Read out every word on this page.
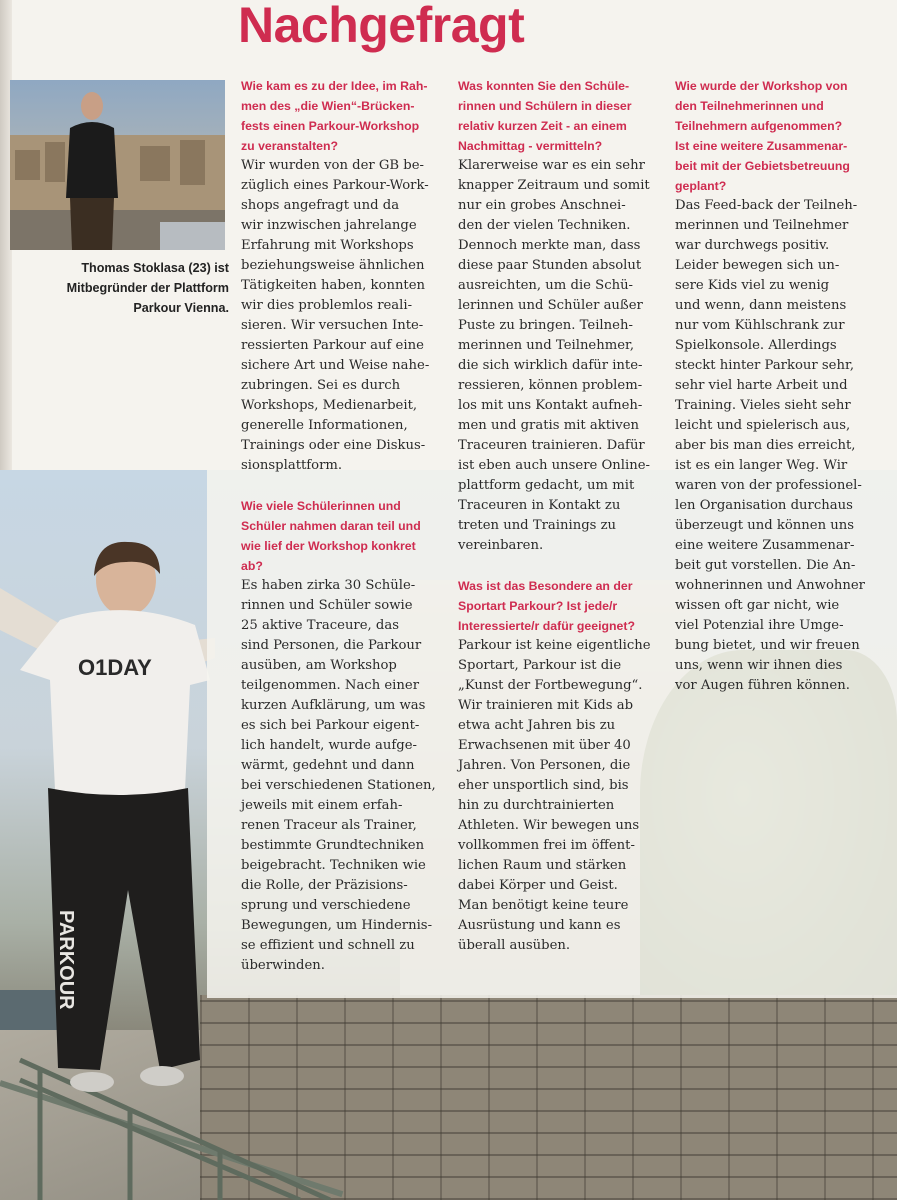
O1DAY
PARKOUR
Nachgefragt

Thomas Stoklasa (23) ist
Mitbegründer der Plattform
Parkour Vienna.

Wie kam es zu der Idee, im Rah-
men des „die Wien“-Brücken-
fests einen Parkour-Workshop
zu veranstalten?

Wir wurden von der GB be-
züglich eines Parkour-Work-
shops angefragt und da
wir inzwischen jahrelange
Erfahrung mit Workshops
beziehungsweise ähnlichen
Tätigkeiten haben, konnten
wir dies problemlos reali-
sieren. Wir versuchen Inte-
ressierten Parkour auf eine
sichere Art und Weise nahe-
zubringen. Sei es durch
Workshops, Medienarbeit,
generelle Informationen,
Trainings oder eine Diskus-
sionsplattform.

Wie viele Schülerinnen und
Schüler nahmen daran teil und
wie lief der Workshop konkret
ab?

Es haben zirka 30 Schüle-
rinnen und Schüler sowie
25 aktive Traceure, das
sind Personen, die Parkour
ausüben, am Workshop
teilgenommen. Nach einer
kurzen Aufklärung, um was
es sich bei Parkour eigent-
lich handelt, wurde aufge-
wärmt, gedehnt und dann
bei verschiedenen Stationen,
jeweils mit einem erfah-
renen Traceur als Trainer,
bestimmte Grundtechniken
beigebracht. Techniken wie
die Rolle, der Präzisions-
sprung und verschiedene
Bewegungen, um Hindernis-
se effizient und schnell zu
überwinden.

Was konnten Sie den Schüle-
rinnen und Schülern in dieser
relativ kurzen Zeit - an einem
Nachmittag - vermitteln?

Klarerweise war es ein sehr
knapper Zeitraum und somit
nur ein grobes Anschnei-
den der vielen Techniken.
Dennoch merkte man, dass
diese paar Stunden absolut
ausreichten, um die Schü-
lerinnen und Schüler außer
Puste zu bringen. Teilneh-
merinnen und Teilnehmer,
die sich wirklich dafür inte-
ressieren, können problem-
los mit uns Kontakt aufneh-
men und gratis mit aktiven
Traceuren trainieren. Dafür
ist eben auch unsere Online-
plattform gedacht, um mit
Traceuren in Kontakt zu
treten und Trainings zu
vereinbaren.

Was ist das Besondere an der
Sportart Parkour? Ist jede/r
Interessierte/r dafür geeignet?

Parkour ist keine eigentliche
Sportart, Parkour ist die
„Kunst der Fortbewegung“.
Wir trainieren mit Kids ab
etwa acht Jahren bis zu
Erwachsenen mit über 40
Jahren. Von Personen, die
eher unsportlich sind, bis
hin zu durchtrainierten
Athleten. Wir bewegen uns
vollkommen frei im öffent-
lichen Raum und stärken
dabei Körper und Geist.
Man benötigt keine teure
Ausrüstung und kann es
überall ausüben.

Wie wurde der Workshop von
den Teilnehmerinnen und
Teilnehmern aufgenommen?
Ist eine weitere Zusammenar-
beit mit der Gebietsbetreuung
geplant?

Das Feed-back der Teilneh-
merinnen und Teilnehmer
war durchwegs positiv.
Leider bewegen sich un-
sere Kids viel zu wenig
und wenn, dann meistens
nur vom Kühlschrank zur
Spielkonsole. Allerdings
steckt hinter Parkour sehr,
sehr viel harte Arbeit und
Training. Vieles sieht sehr
leicht und spielerisch aus,
aber bis man dies erreicht,
ist es ein langer Weg. Wir
waren von der professionel-
len Organisation durchaus
überzeugt und können uns
eine weitere Zusammenar-
beit gut vorstellen. Die An-
wohnerinnen und Anwohner
wissen oft gar nicht, wie
viel Potenzial ihre Umge-
bung bietet, und wir freuen
uns, wenn wir ihnen dies
vor Augen führen können.
